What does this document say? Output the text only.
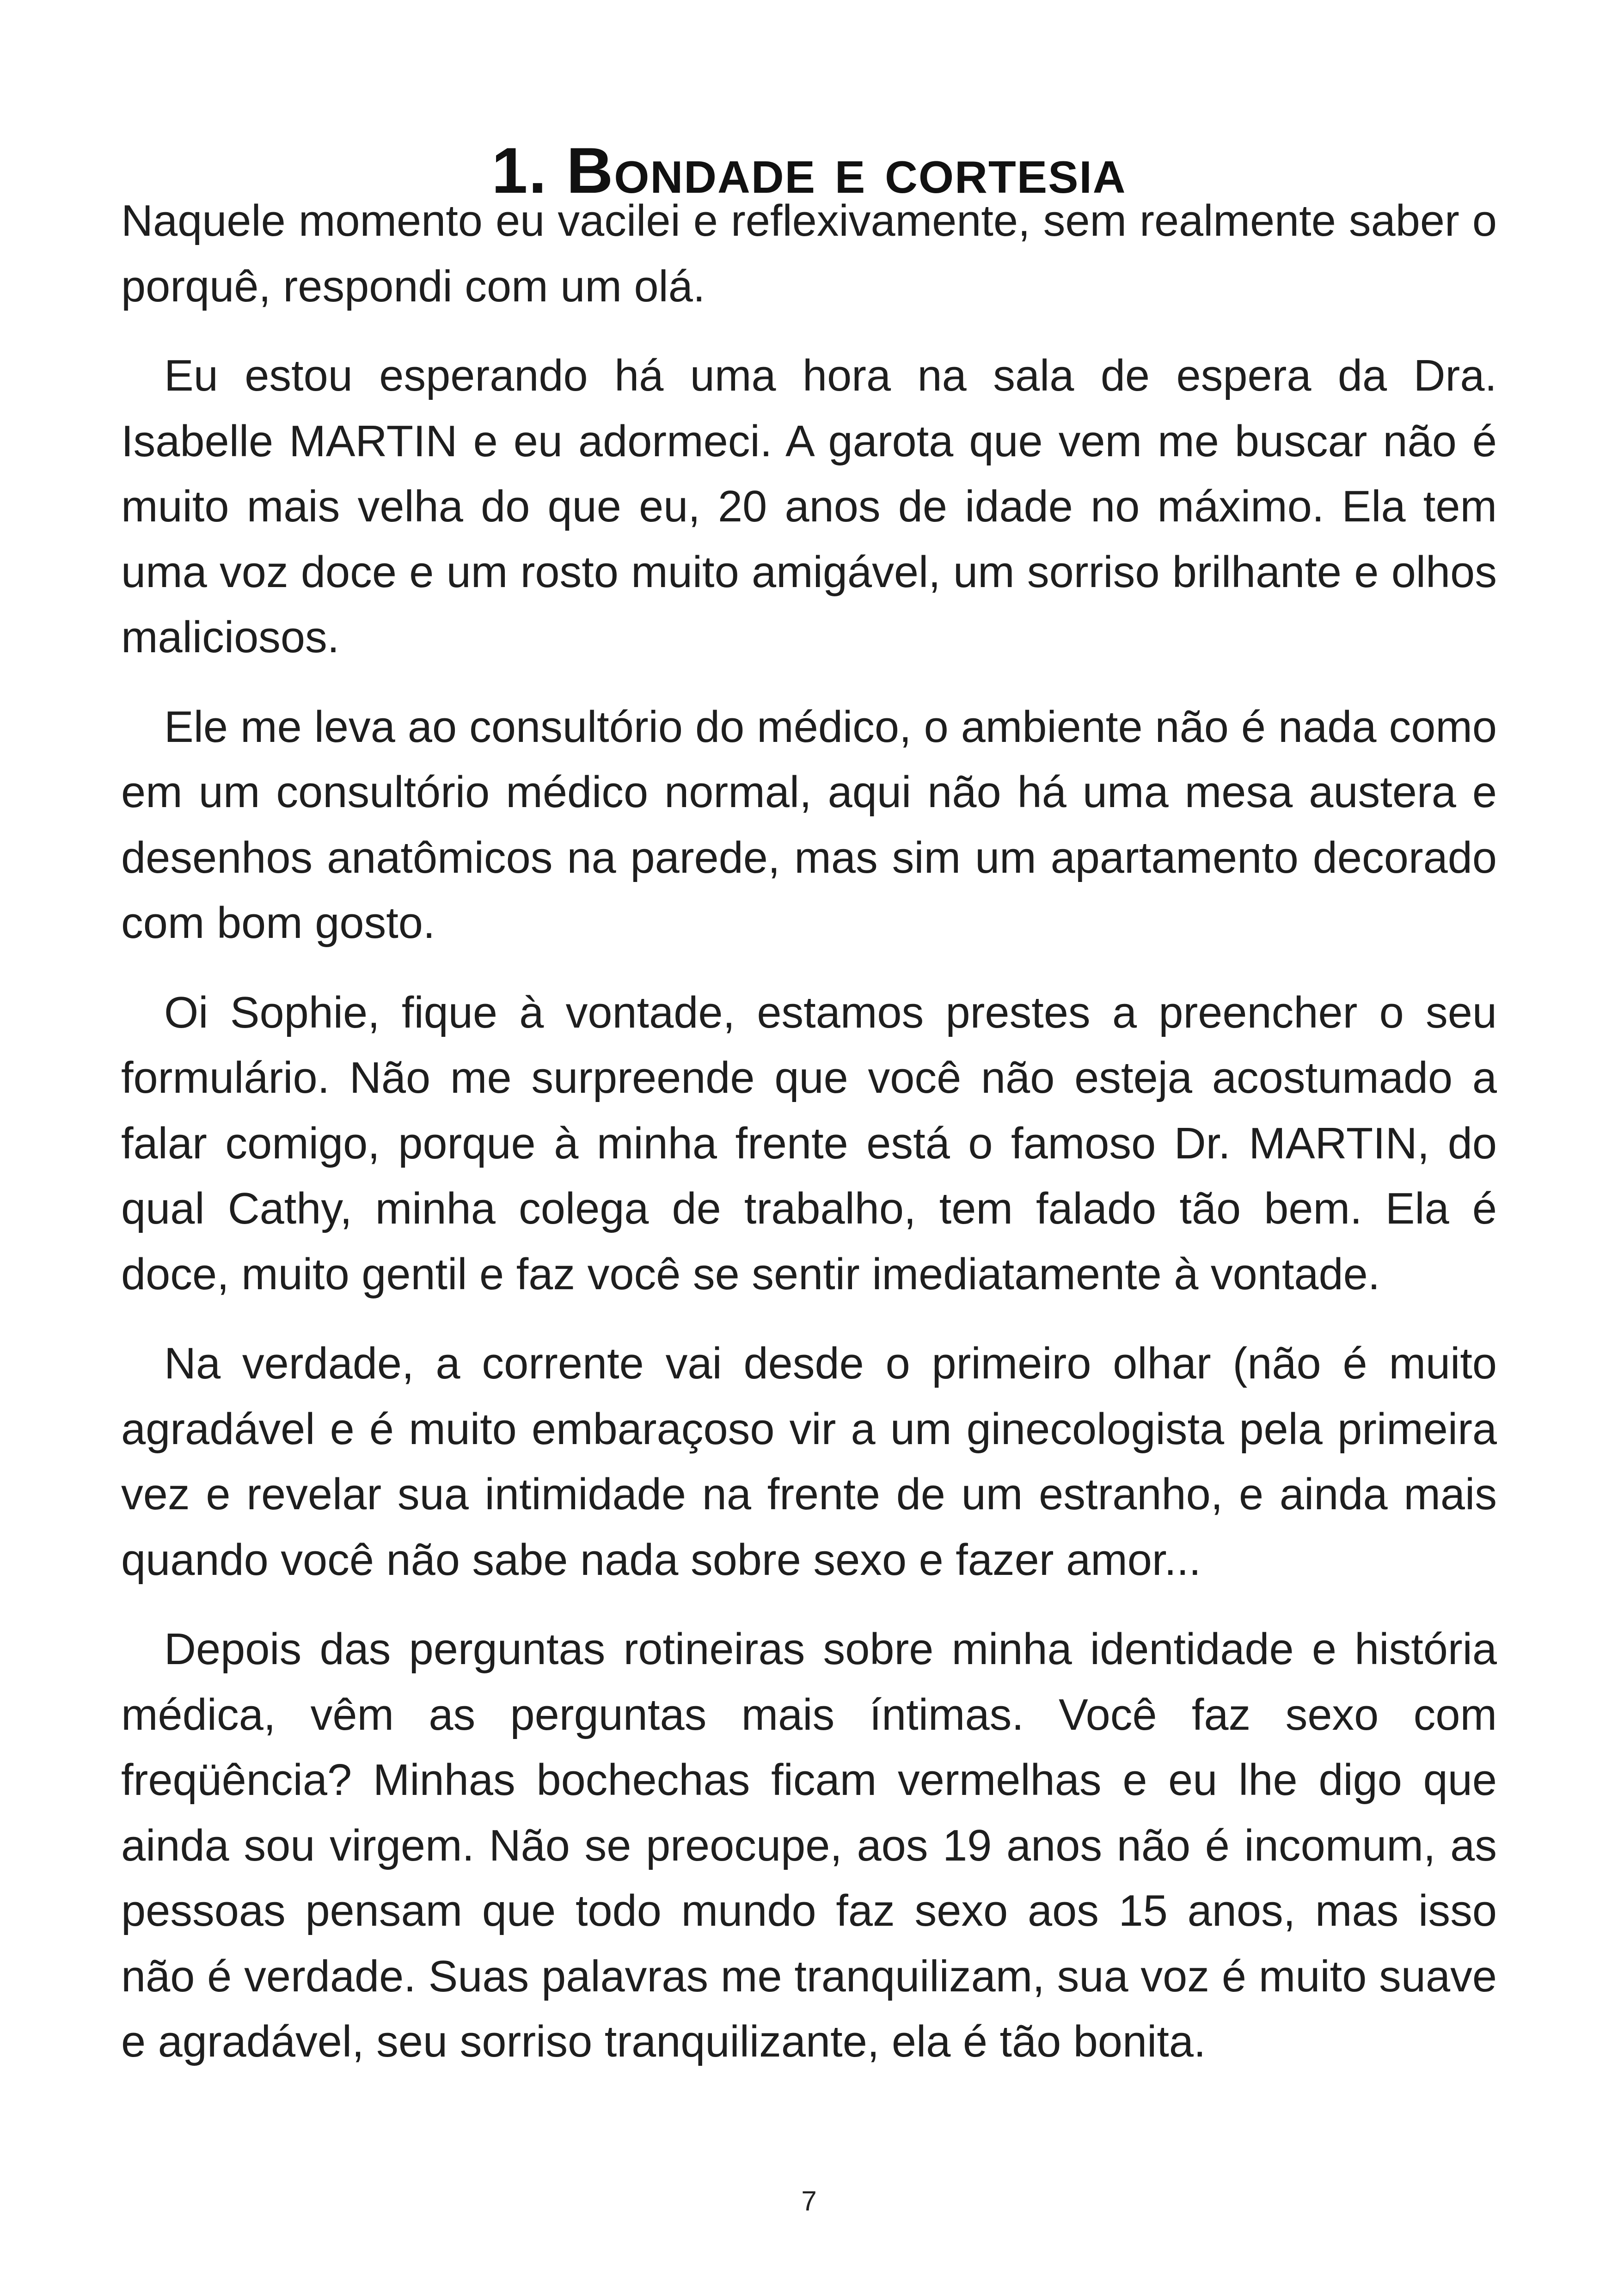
1. Bondade e cortesia

Naquele momento eu vacilei e reflexivamente, sem realmente saber o porquê, respondi com um olá.

Eu estou esperando há uma hora na sala de espera da Dra. Isabelle MARTIN e eu adormeci. A garota que vem me buscar não é muito mais velha do que eu, 20 anos de idade no máximo. Ela tem uma voz doce e um rosto muito amigável, um sorriso brilhante e olhos maliciosos.

Ele me leva ao consultório do médico, o ambiente não é nada como em um consultório médico normal, aqui não há uma mesa austera e desenhos anatômicos na parede, mas sim um apartamento decorado com bom gosto.

Oi Sophie, fique à vontade, estamos prestes a preencher o seu formulário. Não me surpreende que você não esteja acostumado a falar comigo, porque à minha frente está o famoso Dr. MARTIN, do qual Cathy, minha colega de trabalho, tem falado tão bem. Ela é doce, muito gentil e faz você se sentir imediatamente à vontade.

Na verdade, a corrente vai desde o primeiro olhar (não é muito agradável e é muito embaraçoso vir a um ginecologista pela primeira vez e revelar sua intimidade na frente de um estranho, e ainda mais quando você não sabe nada sobre sexo e fazer amor...

Depois das perguntas rotineiras sobre minha identidade e história médica, vêm as perguntas mais íntimas. Você faz sexo com freqüência? Minhas bochechas ficam vermelhas e eu lhe digo que ainda sou virgem. Não se preocupe, aos 19 anos não é incomum, as pessoas pensam que todo mundo faz sexo aos 15 anos, mas isso não é verdade. Suas palavras me tranquilizam, sua voz é muito suave e agradável, seu sorriso tranquilizante, ela é tão bonita.

7
